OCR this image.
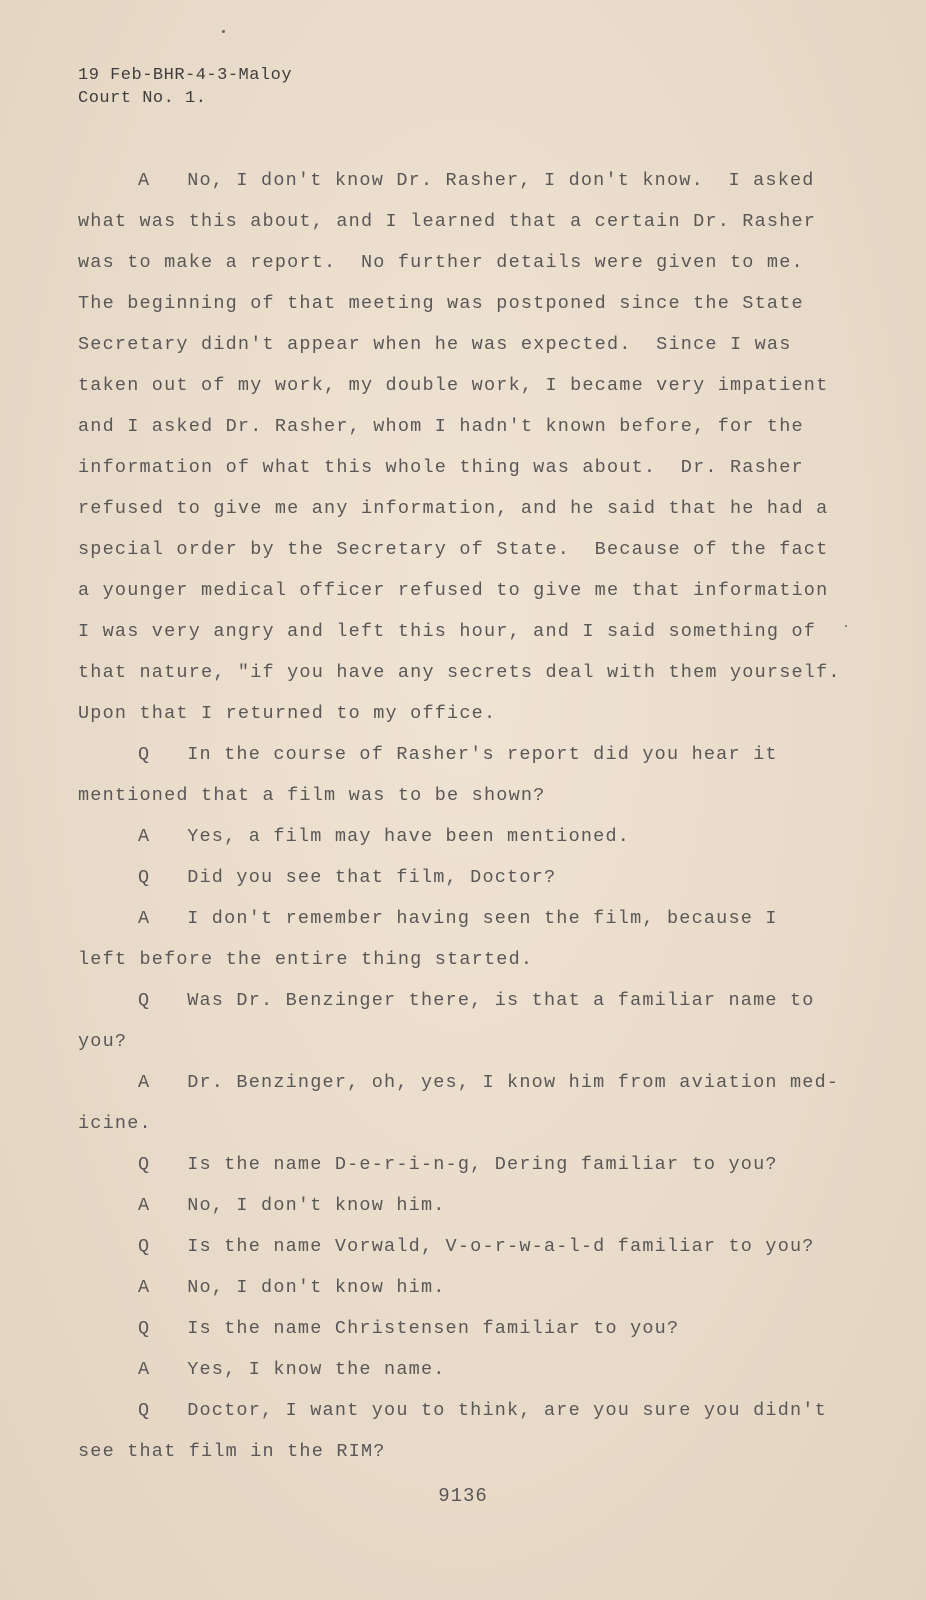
19 Feb-BHR-4-3-Maloy
Court No. 1.
A   No, I don't know Dr. Rasher, I don't know.  I asked
what was this about, and I learned that a certain Dr. Rasher
was to make a report.  No further details were given to me.
The beginning of that meeting was postponed since the State
Secretary didn't appear when he was expected.  Since I was
taken out of my work, my double work, I became very impatient
and I asked Dr. Rasher, whom I hadn't known before, for the
information of what this whole thing was about.  Dr. Rasher
refused to give me any information, and he said that he had a
special order by the Secretary of State.  Because of the fact
a younger medical officer refused to give me that information
I was very angry and left this hour, and I said something of
that nature, "if you have any secrets deal with them yourself.
Upon that I returned to my office.
Q   In the course of Rasher's report did you hear it
mentioned that a film was to be shown?
A   Yes, a film may have been mentioned.
Q   Did you see that film, Doctor?
A   I don't remember having seen the film, because I
left before the entire thing started.
Q   Was Dr. Benzinger there, is that a familiar name to
you?
A   Dr. Benzinger, oh, yes, I know him from aviation med-
icine.
Q   Is the name D-e-r-i-n-g, Dering familiar to you?
A   No, I don't know him.
Q   Is the name Vorwald, V-o-r-w-a-l-d familiar to you?
A   No, I don't know him.
Q   Is the name Christensen familiar to you?
A   Yes, I know the name.
Q   Doctor, I want you to think, are you sure you didn't
see that film in the RIM?
9136
